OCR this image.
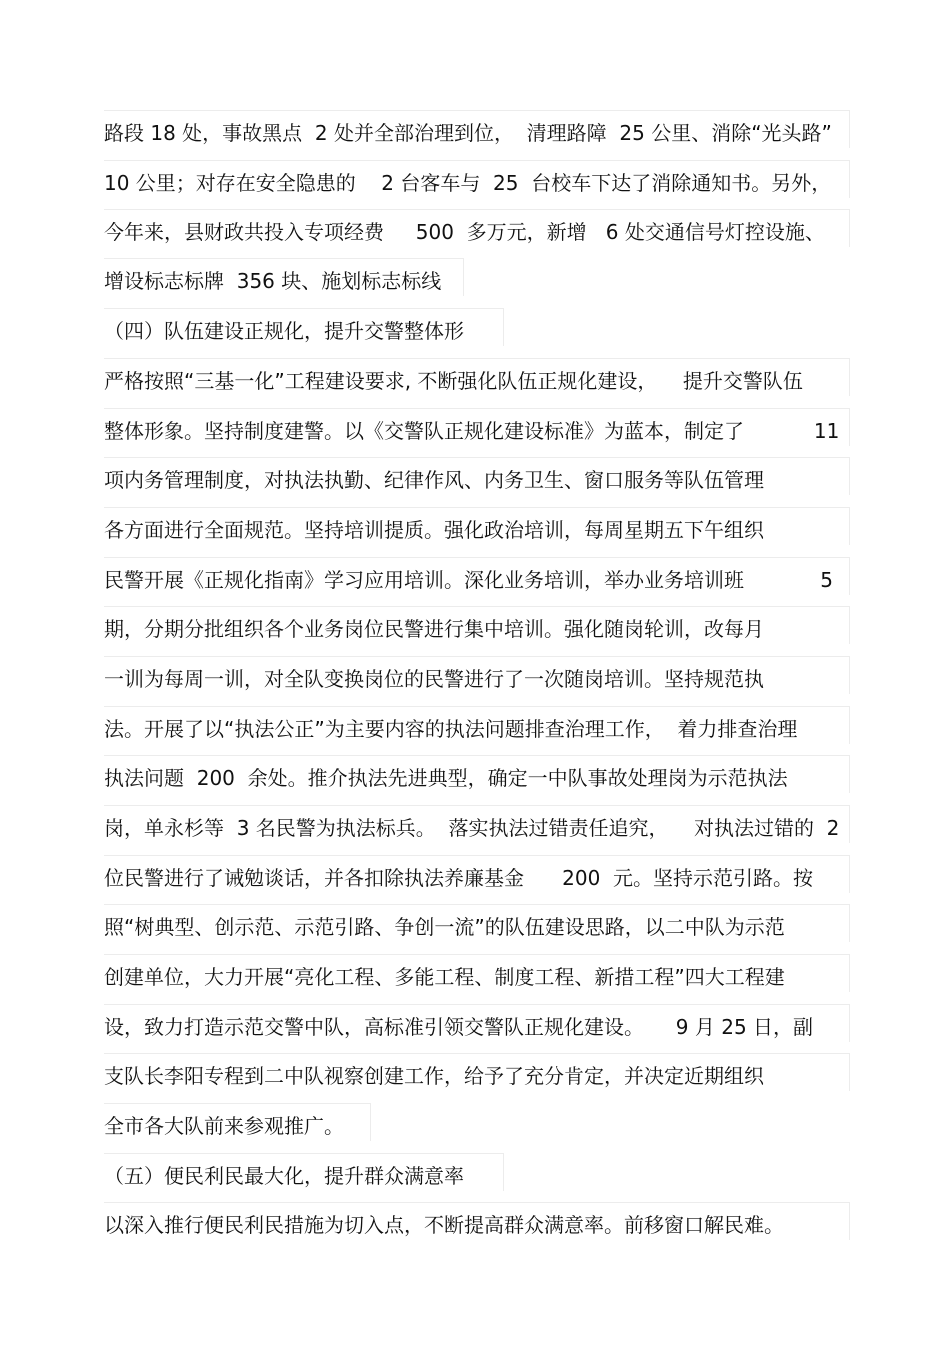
路段 18 处，事故黑点  2 处并全部治理到位，  清理路障  25 公里、消除“光头路”
10 公里；对存在安全隐患的    2 台客车与  25  台校车下达了消除通知书。另外，
今年来，县财政共投入专项经费     500  多万元，新增   6 处交通信号灯控设施、
增设标志标牌  356 块、施划标志标线
（四）队伍建设正规化，提升交警整体形
严格按照“三基一化”工程建设要求, 不断强化队伍正规化建设，    提升交警队伍
整体形象。坚持制度建警。以《交警队正规化建设标准》为蓝本，制定了           11
项内务管理制度，对执法执勤、纪律作风、内务卫生、窗口服务等队伍管理
各方面进行全面规范。坚持培训提质。强化政治培训，每周星期五下午组织
民警开展《正规化指南》学习应用培训。深化业务培训，举办业务培训班            5
期，分期分批组织各个业务岗位民警进行集中培训。强化随岗轮训，改每月
一训为每周一训，对全队变换岗位的民警进行了一次随岗培训。坚持规范执
法。开展了以“执法公正”为主要内容的执法问题排查治理工作，  着力排查治理
执法问题  200  余处。推介执法先进典型，确定一中队事故处理岗为示范执法
岗，单永杉等  3 名民警为执法标兵。  落实执法过错责任追究，    对执法过错的  2
位民警进行了诫勉谈话，并各扣除执法养廉基金      200  元。坚持示范引路。按
照“树典型、创示范、示范引路、争创一流”的队伍建设思路，以二中队为示范
创建单位，大力开展“亮化工程、多能工程、制度工程、新措工程”四大工程建
设，致力打造示范交警中队，高标准引领交警队正规化建设。     9 月 25 日，副
支队长李阳专程到二中队视察创建工作，给予了充分肯定，并决定近期组织
全市各大队前来参观推广。
（五）便民利民最大化，提升群众满意率
以深入推行便民利民措施为切入点，不断提高群众满意率。前移窗口解民难。
